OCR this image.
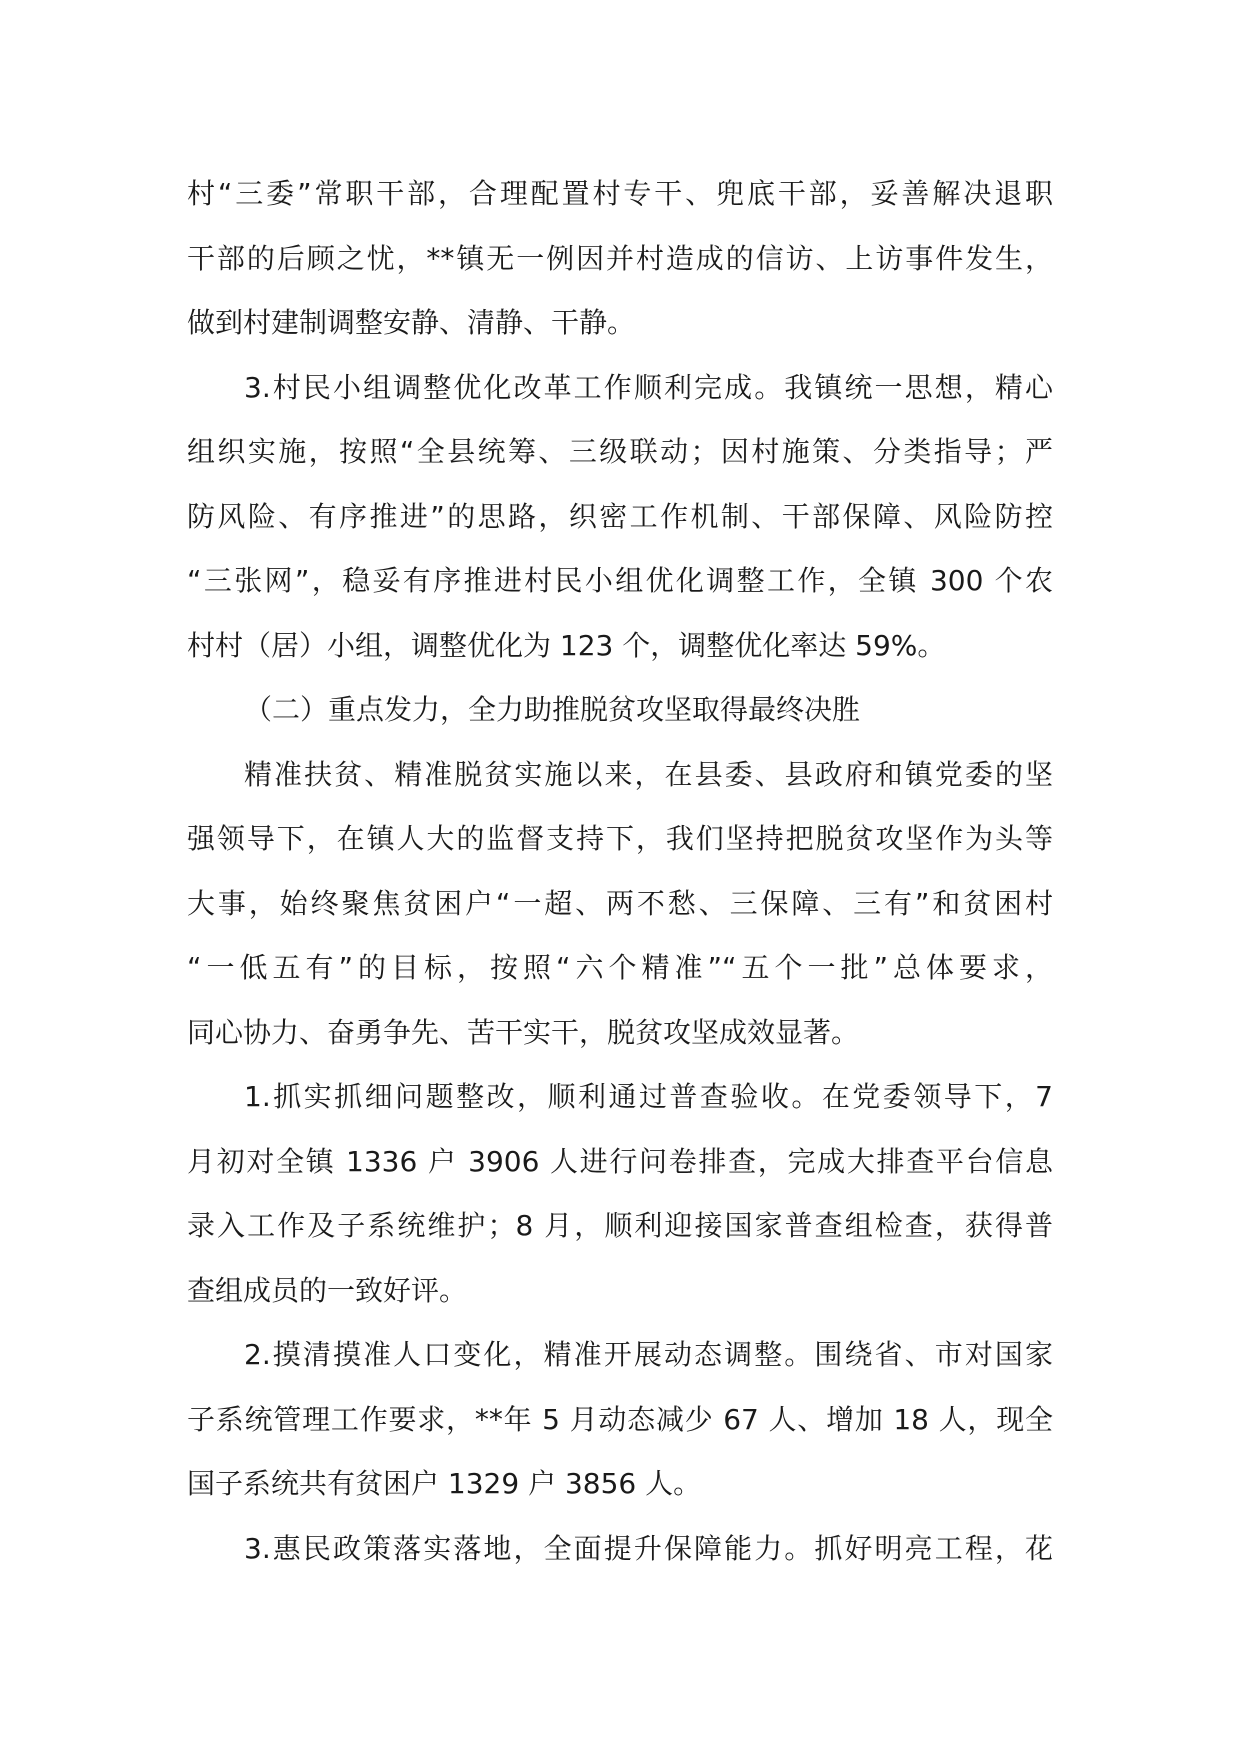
村“三委”常职干部，合理配置村专干、兜底干部，妥善解决退职
干部的后顾之忧，**镇无一例因并村造成的信访、上访事件发生，
做到村建制调整安静、清静、干静。
3.村民小组调整优化改革工作顺利完成。我镇统一思想，精心
组织实施，按照“全县统筹、三级联动；因村施策、分类指导；严
防风险、有序推进”的思路，织密工作机制、干部保障、风险防控
“三张网”，稳妥有序推进村民小组优化调整工作，全镇 300 个农
村村（居）小组，调整优化为 123 个，调整优化率达 59%。
（二）重点发力，全力助推脱贫攻坚取得最终决胜
精准扶贫、精准脱贫实施以来，在县委、县政府和镇党委的坚
强领导下，在镇人大的监督支持下，我们坚持把脱贫攻坚作为头等
大事，始终聚焦贫困户“一超、两不愁、三保障、三有”和贫困村
“一低五有”的目标，按照“六个精准”“五个一批”总体要求，
同心协力、奋勇争先、苦干实干，脱贫攻坚成效显著。
1.抓实抓细问题整改，顺利通过普查验收。在党委领导下，7
月初对全镇 1336 户 3906 人进行问卷排查，完成大排查平台信息
录入工作及子系统维护；8 月，顺利迎接国家普查组检查，获得普
查组成员的一致好评。
2.摸清摸准人口变化，精准开展动态调整。围绕省、市对国家
子系统管理工作要求，**年 5 月动态减少 67 人、增加 18 人，现全
国子系统共有贫困户 1329 户 3856 人。
3.惠民政策落实落地，全面提升保障能力。抓好明亮工程，花
